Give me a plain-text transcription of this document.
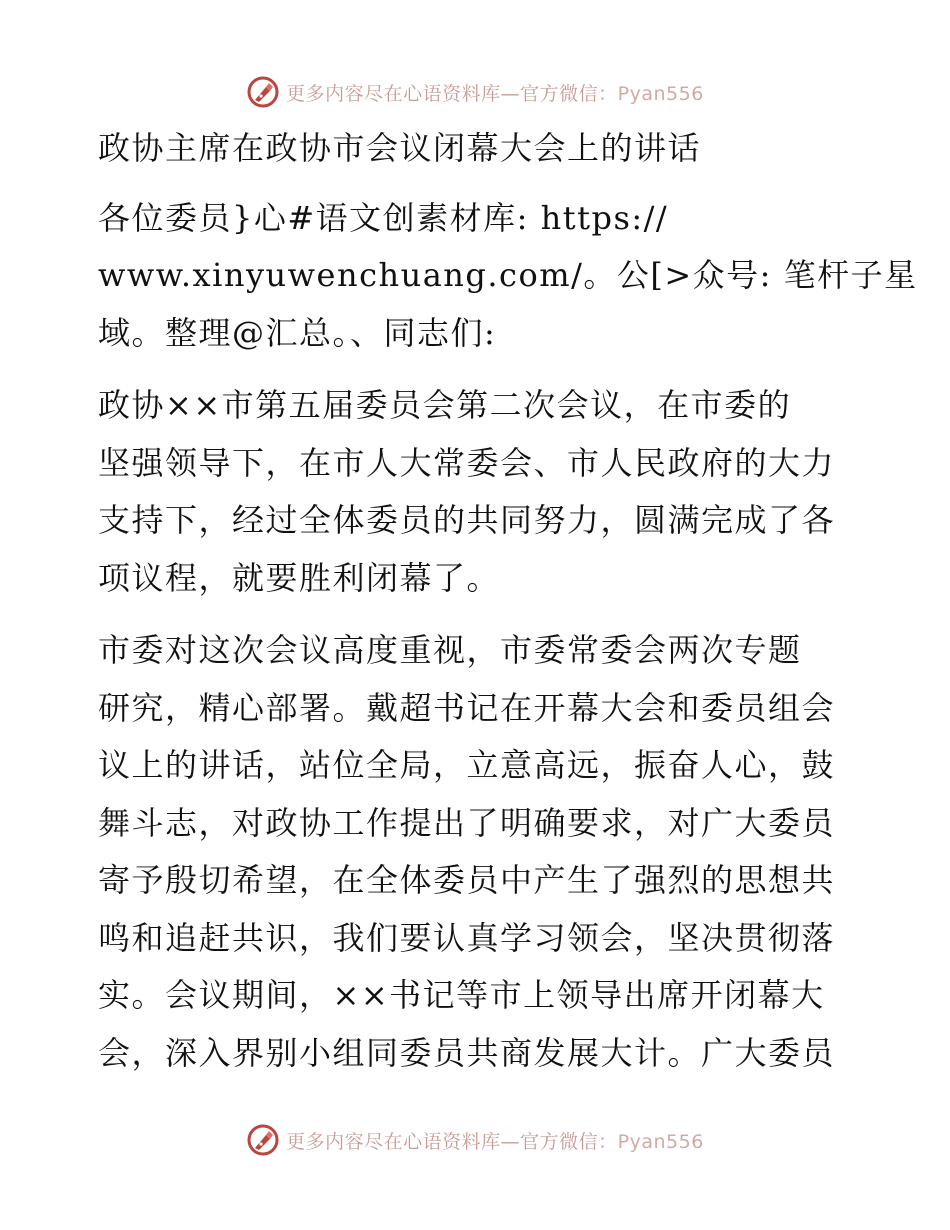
更多内容尽在心语资料库—官方微信：Pyan556

政协主席在政协市会议闭幕大会上的讲话

各位委员}心#语文创素材库: https://
www.xinyuwenchuang.com/。公[>众号: 笔杆子星
域。整理@汇总。、同志们:

政协××市第五届委员会第二次会议，在市委的
坚强领导下，在市人大常委会、市人民政府的大力
支持下，经过全体委员的共同努力，圆满完成了各
项议程，就要胜利闭幕了。

市委对这次会议高度重视，市委常委会两次专题
研究，精心部署。戴超书记在开幕大会和委员组会
议上的讲话，站位全局，立意高远，振奋人心，鼓
舞斗志，对政协工作提出了明确要求，对广大委员
寄予殷切希望，在全体委员中产生了强烈的思想共
鸣和追赶共识，我们要认真学习领会，坚决贯彻落
实。会议期间，××书记等市上领导出席开闭幕大
会，深入界别小组同委员共商发展大计。广大委员

更多内容尽在心语资料库—官方微信：Pyan556
